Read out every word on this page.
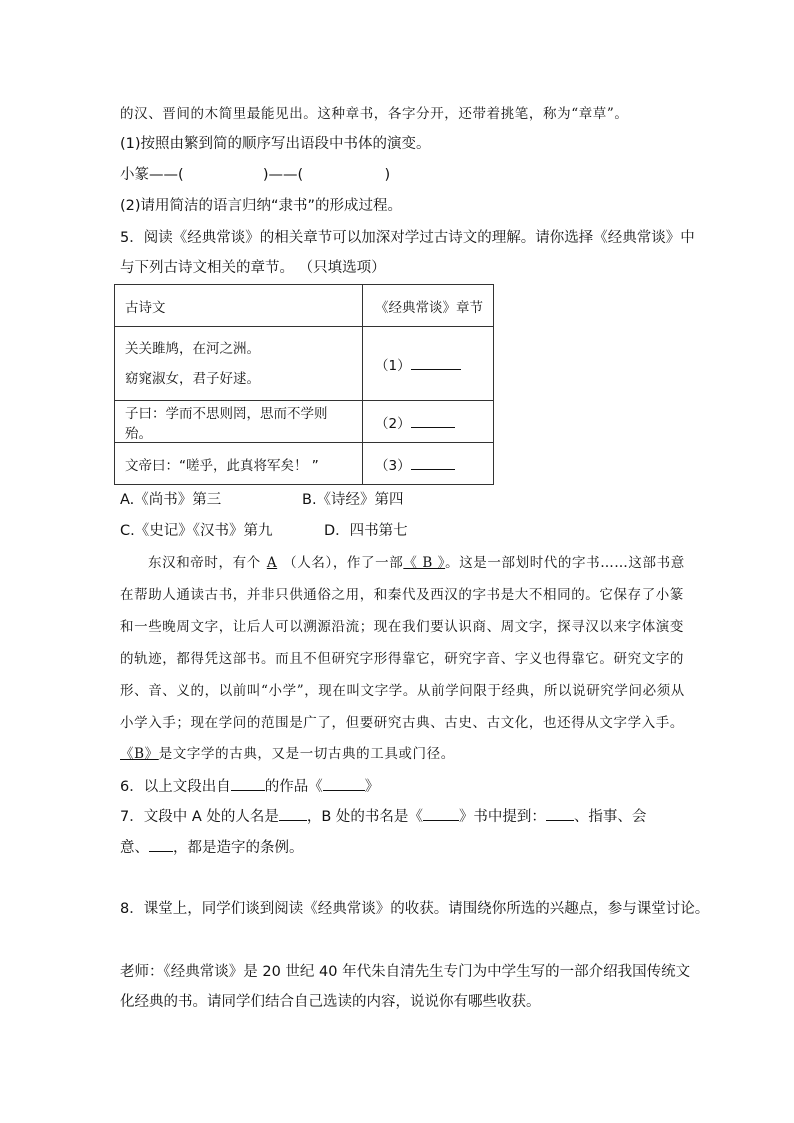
的汉、晋间的木简里最能见出。这种章书，各字分开，还带着挑笔，称为“章草”。
(1)按照由繁到简的顺序写出语段中书体的演变。
小篆——(	)——(	)
(2)请用简洁的语言归纳“隶书”的形成过程。
5．阅读《经典常谈》的相关章节可以加深对学过古诗文的理解。请你选择《经典常谈》中
与下列古诗文相关的章节。 （只填选项）
古诗文	《经典常谈》章节

关关雎鸠，在河之洲。
窈窕淑女，君子好逑。	（1）
子曰：学而不思则罔，思而不学则殆。	（2）
文帝曰：“嗟乎，此真将军矣！ ”	（3）
A.《尚书》第三	B.《诗经》第四
C.《史记》《汉书》第九	D．四书第七
东汉和帝时，有个 A （人名），作了一部《 B 》。这是一部划时代的字书……这部书意
在帮助人通读古书，并非只供通俗之用，和秦代及西汉的字书是大不相同的。它保存了小篆
和一些晚周文字，让后人可以溯源沿流；现在我们要认识商、周文字，探寻汉以来字体演变
的轨迹，都得凭这部书。而且不但研究字形得靠它，研究字音、字义也得靠它。研究文字的
形、音、义的，以前叫“小学”，现在叫文字学。从前学问限于经典，所以说研究学问必须从
小学入手；现在学问的范围是广了，但要研究古典、古史、古文化，也还得从文字学入手。
《B》是文字学的古典，又是一切古典的工具或门径。
6．以上文段出自 的作品《	》
7．文段中 A 处的人名是 ，B 处的书名是《 》书中提到： 、指事、会
意、 ，都是造字的条例。
8．课堂上，同学们谈到阅读《经典常谈》的收获。请围绕你所选的兴趣点，参与课堂讨论。
老师：《经典常谈》是 20 世纪 40 年代朱自清先生专门为中学生写的一部介绍我国传统文
化经典的书。请同学们结合自己选读的内容，说说你有哪些收获。
